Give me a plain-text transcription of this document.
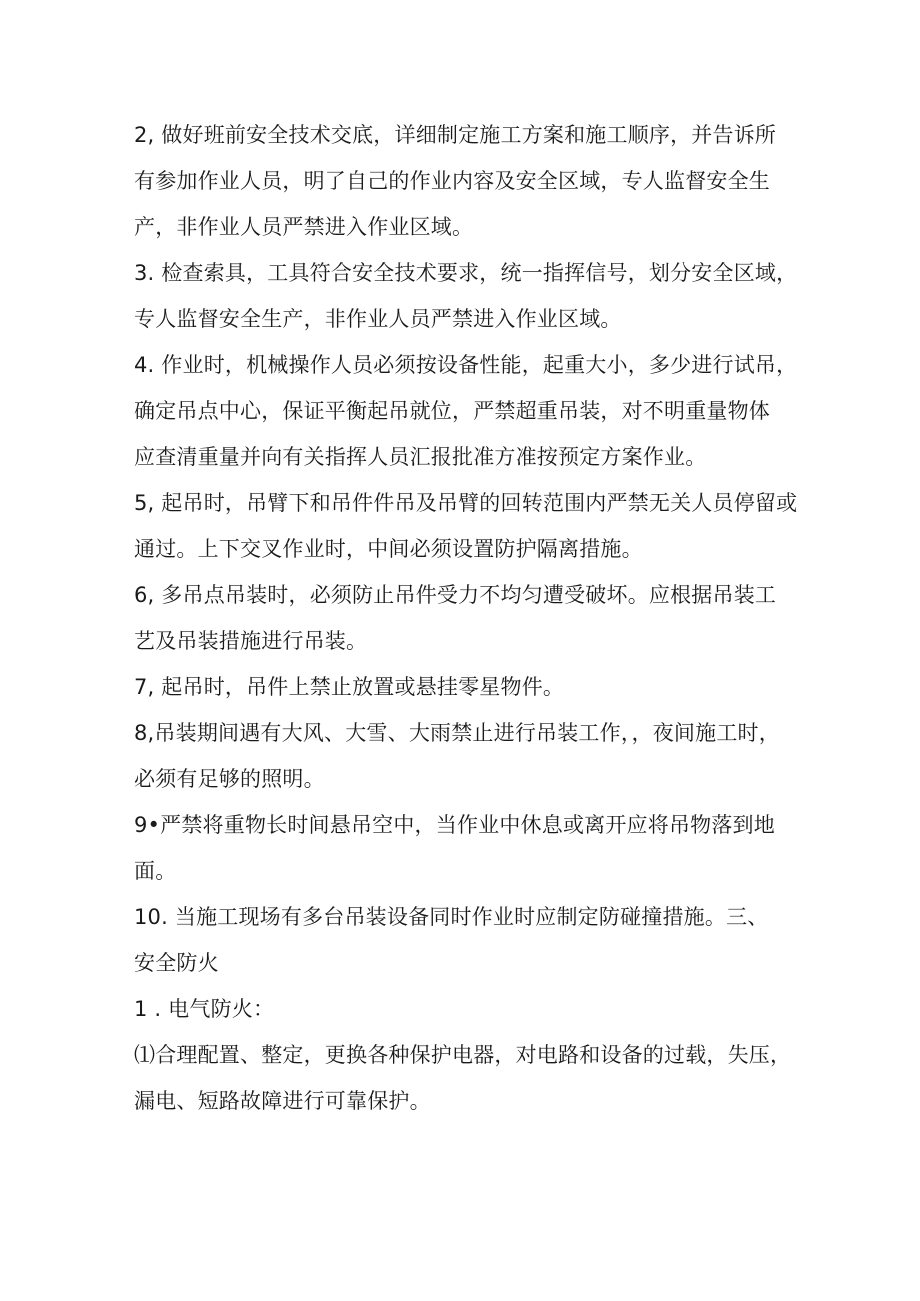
2, 做好班前安全技术交底，详细制定施工方案和施工顺序，并告诉所
有参加作业人员，明了自己的作业内容及安全区域，专人监督安全生
产，非作业人员严禁进入作业区域。
3. 检查索具，工具符合安全技术要求，统一指挥信号，划分安全区域，
专人监督安全生产，非作业人员严禁进入作业区域。
4. 作业时，机械操作人员必须按设备性能，起重大小，多少进行试吊，
确定吊点中心，保证平衡起吊就位，严禁超重吊装，对不明重量物体
应查清重量并向有关指挥人员汇报批准方准按预定方案作业。
5, 起吊时，吊臂下和吊件件吊及吊臂的回转范围内严禁无关人员停留或
通过。上下交叉作业时，中间必须设置防护隔离措施。
6, 多吊点吊装时，必须防止吊件受力不均匀遭受破坏。应根据吊装工
艺及吊装措施进行吊装。
7, 起吊时，吊件上禁止放置或悬挂零星物件。
8,吊装期间遇有大风、大雪、大雨禁止进行吊装工作，，夜间施工时，
必须有足够的照明。
9•严禁将重物长时间悬吊空中，当作业中休息或离开应将吊物落到地
面。
10. 当施工现场有多台吊装设备同时作业时应制定防碰撞措施。三、
安全防火
1 . 电气防火：
⑴合理配置、整定，更换各种保护电器，对电路和设备的过载，失压，
漏电、短路故障进行可靠保护。
